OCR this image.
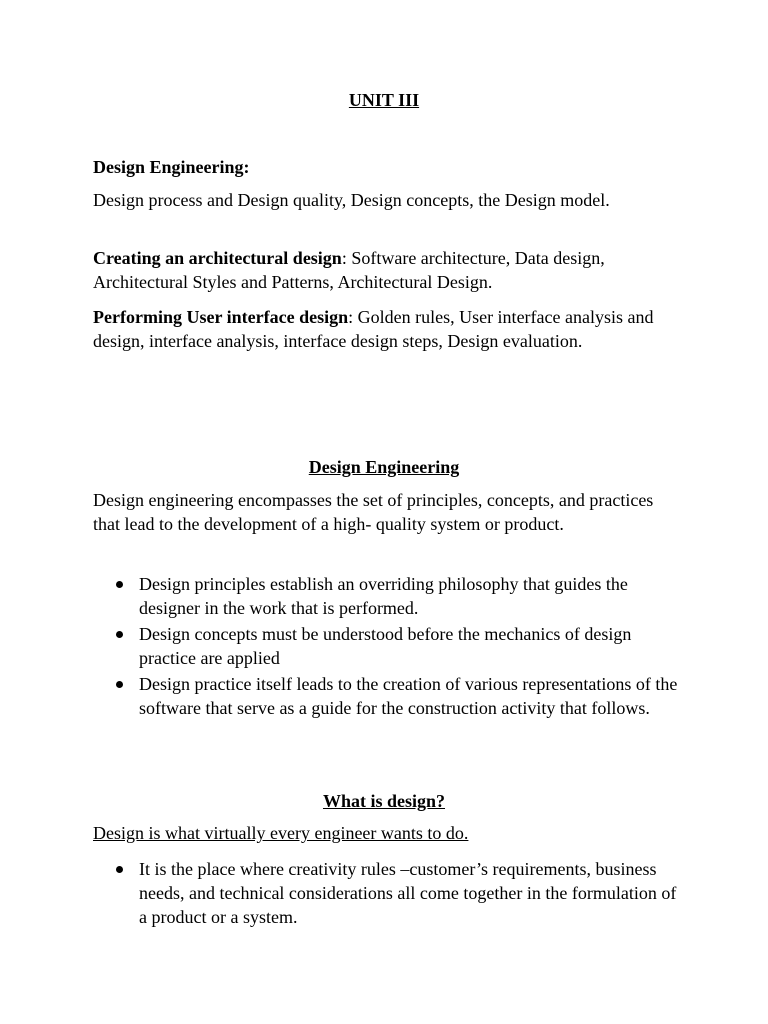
UNIT III

Design Engineering:

Design process and Design quality, Design concepts, the Design model.

Creating an architectural design: Software architecture, Data design, Architectural Styles and Patterns, Architectural Design.

Performing User interface design: Golden rules, User interface analysis and design, interface analysis, interface design steps, Design evaluation.

Design Engineering

Design engineering encompasses the set of principles, concepts, and practices that lead to the development of a high- quality system or product.

Design principles establish an overriding philosophy that guides the designer in the work that is performed.
Design concepts must be understood before the mechanics of design practice are applied
Design practice itself leads to the creation of various representations of the software that serve as a guide for the construction activity that follows.

What is design?

Design is what virtually every engineer wants to do.

It is the place where creativity rules –customer’s requirements, business needs, and technical considerations all come together in the formulation of a product or a system.
